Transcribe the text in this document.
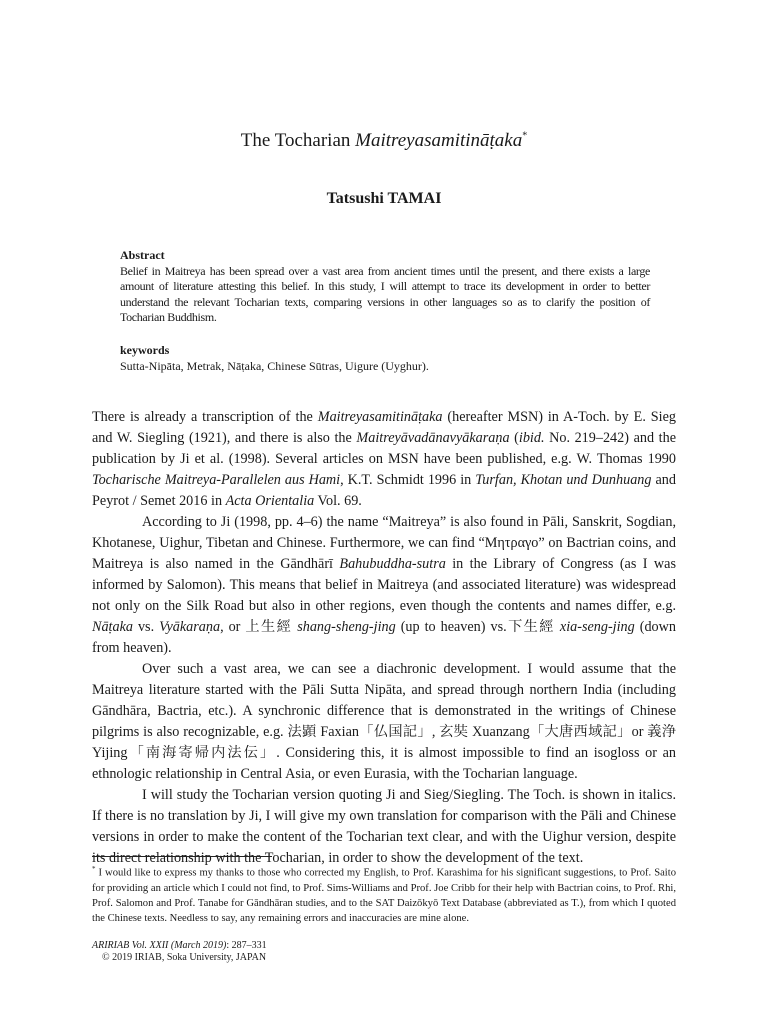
The Tocharian Maitreyasamitināṭaka*
Tatsushi TAMAI
Abstract
Belief in Maitreya has been spread over a vast area from ancient times until the present, and there exists a large amount of literature attesting this belief. In this study, I will attempt to trace its development in order to better understand the relevant Tocharian texts, comparing versions in other languages so as to clarify the position of Tocharian Buddhism.
keywords
Sutta-Nipāta, Metrak, Nāṭaka, Chinese Sūtras, Uigure (Uyghur).

There is already a transcription of the Maitreyasamitināṭaka (hereafter MSN) in A-Toch. by E. Sieg and W. Siegling (1921), and there is also the Maitreyāvadānavyākaraṇa (ibid. No. 219–242) and the publication by Ji et al. (1998). Several articles on MSN have been published, e.g. W. Thomas 1990 Tocharische Maitreya-Parallelen aus Hami, K.T. Schmidt 1996 in Turfan, Khotan und Dunhuang and Peyrot / Semet 2016 in Acta Orientalia Vol. 69.

According to Ji (1998, pp. 4–6) the name “Maitreya” is also found in Pāli, Sanskrit, Sogdian, Khotanese, Uighur, Tibetan and Chinese. Furthermore, we can find “Μητραγο” on Bactrian coins, and Maitreya is also named in the Gāndhārī Bahubuddha-sutra in the Library of Congress (as I was informed by Salomon). This means that belief in Maitreya (and associated literature) was widespread not only on the Silk Road but also in other regions, even though the contents and names differ, e.g. Nāṭaka vs. Vyākaraṇa, or 上生經 shang-sheng-jing (up to heaven) vs.下生經 xia-seng-jing (down from heaven).

Over such a vast area, we can see a diachronic development. I would assume that the Maitreya literature started with the Pāli Sutta Nipāta, and spread through northern India (including Gāndhāra, Bactria, etc.). A synchronic difference that is demonstrated in the writings of Chinese pilgrims is also recognizable, e.g. 法顕 Faxian「仏国記」, 玄奘 Xuanzang「大唐西域記」or 義浄 Yijing「南海寄帰内法伝」. Considering this, it is almost impossible to find an isogloss or an ethnologic relationship in Central Asia, or even Eurasia, with the Tocharian language.

I will study the Tocharian version quoting Ji and Sieg/Siegling. The Toch. is shown in italics. If there is no translation by Ji, I will give my own translation for comparison with the Pāli and Chinese versions in order to make the content of the Tocharian text clear, and with the Uighur version, despite its direct relationship with the Tocharian, in order to show the development of the text.

* I would like to express my thanks to those who corrected my English, to Prof. Karashima for his significant suggestions, to Prof. Saito for providing an article which I could not find, to Prof. Sims-Williams and Prof. Joe Cribb for their help with Bactrian coins, to Prof. Rhi, Prof. Salomon and Prof. Tanabe for Gāndhāran studies, and to the SAT Daizōkyō Text Database (abbreviated as T.), from which I quoted the Chinese texts. Needless to say, any remaining errors and inaccuracies are mine alone.
ARIRIAB Vol. XXII (March 2019): 287–331
© 2019 IRIAB, Soka University, JAPAN
